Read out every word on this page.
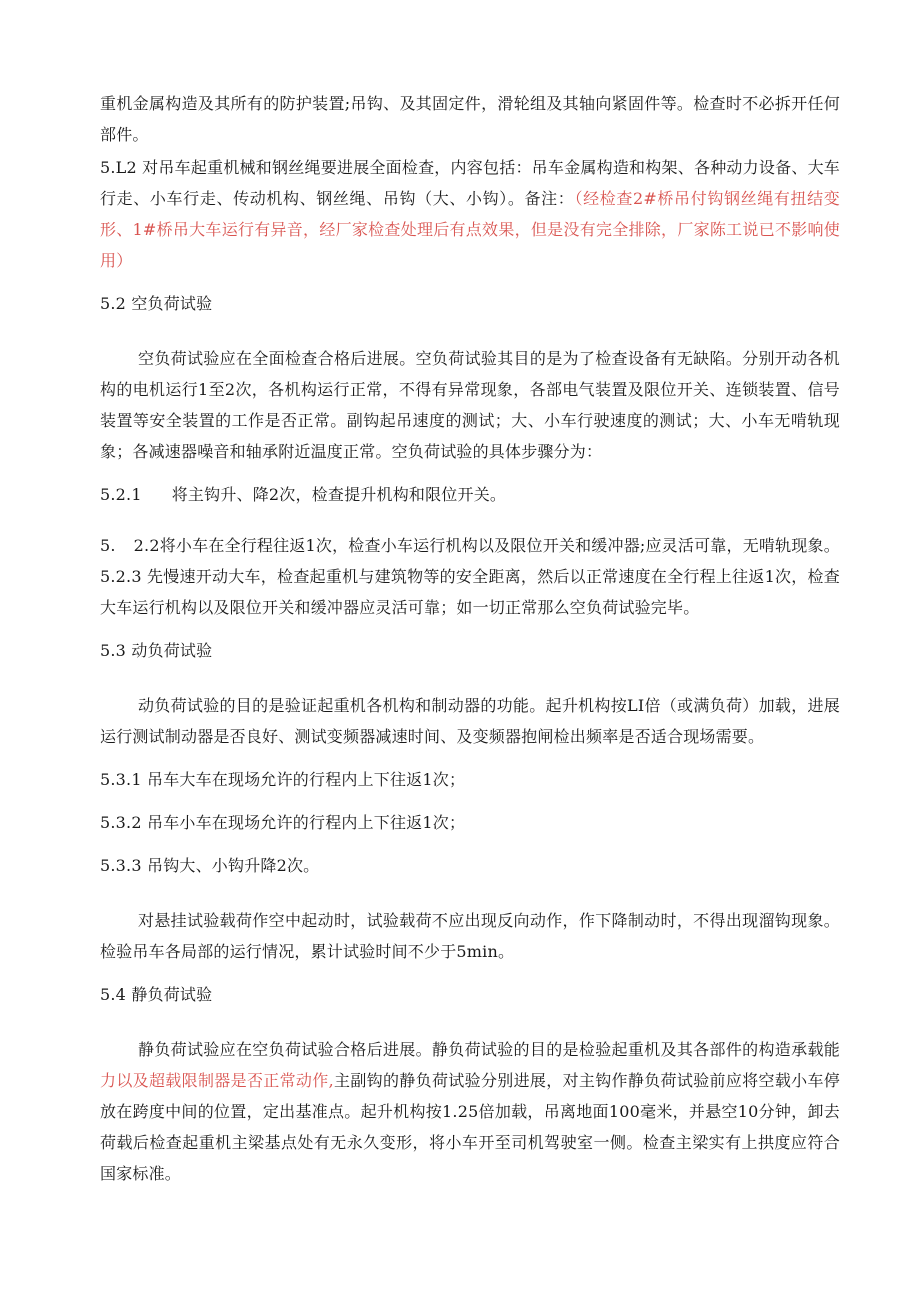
重机金属构造及其所有的防护装置;吊钩、及其固定件，滑轮组及其轴向紧固件等。检查时不必拆开任何部件。

5.L2 对吊车起重机械和钢丝绳要进展全面检查，内容包括：吊车金属构造和构架、各种动力设备、大车行走、小车行走、传动机构、钢丝绳、吊钩（大、小钩）。备注：（经检查2#桥吊付钩钢丝绳有扭结变形、1#桥吊大车运行有异音，经厂家检查处理后有点效果，但是没有完全排除，厂家陈工说已不影响使用）

5.2 空负荷试验

空负荷试验应在全面检查合格后进展。空负荷试验其目的是为了检查设备有无缺陷。分别开动各机构的电机运行1至2次，各机构运行正常，不得有异常现象，各部电气装置及限位开关、连锁装置、信号装置等安全装置的工作是否正常。副钩起吊速度的测试；大、小车行驶速度的测试；大、小车无啃轨现象；各减速器噪音和轴承附近温度正常。空负荷试验的具体步骤分为：

5.2.1 将主钩升、降2次，检查提升机构和限位开关。

5. 2.2将小车在全行程往返1次，检查小车运行机构以及限位开关和缓冲器;应灵活可靠，无啃轨现象。

5.2.3 先慢速开动大车，检查起重机与建筑物等的安全距离，然后以正常速度在全行程上往返1次，检查大车运行机构以及限位开关和缓冲器应灵活可靠；如一切正常那么空负荷试验完毕。

5.3 动负荷试验

动负荷试验的目的是验证起重机各机构和制动器的功能。起升机构按LI倍（或满负荷）加载，进展运行测试制动器是否良好、测试变频器减速时间、及变频器抱闸检出频率是否适合现场需要。

5.3.1 吊车大车在现场允许的行程内上下往返1次；

5.3.2 吊车小车在现场允许的行程内上下往返1次；

5.3.3 吊钩大、小钩升降2次。

对悬挂试验载荷作空中起动时，试验载荷不应出现反向动作，作下降制动时，不得出现溜钩现象。检验吊车各局部的运行情况，累计试验时间不少于5min。

5.4 静负荷试验

静负荷试验应在空负荷试验合格后进展。静负荷试验的目的是检验起重机及其各部件的构造承载能力以及超载限制器是否正常动作,主副钩的静负荷试验分别进展，对主钩作静负荷试验前应将空载小车停放在跨度中间的位置，定出基准点。起升机构按1.25倍加载，吊离地面100毫米，并悬空10分钟，卸去荷载后检查起重机主梁基点处有无永久变形，将小车开至司机驾驶室一侧。检查主梁实有上拱度应符合国家标准。
